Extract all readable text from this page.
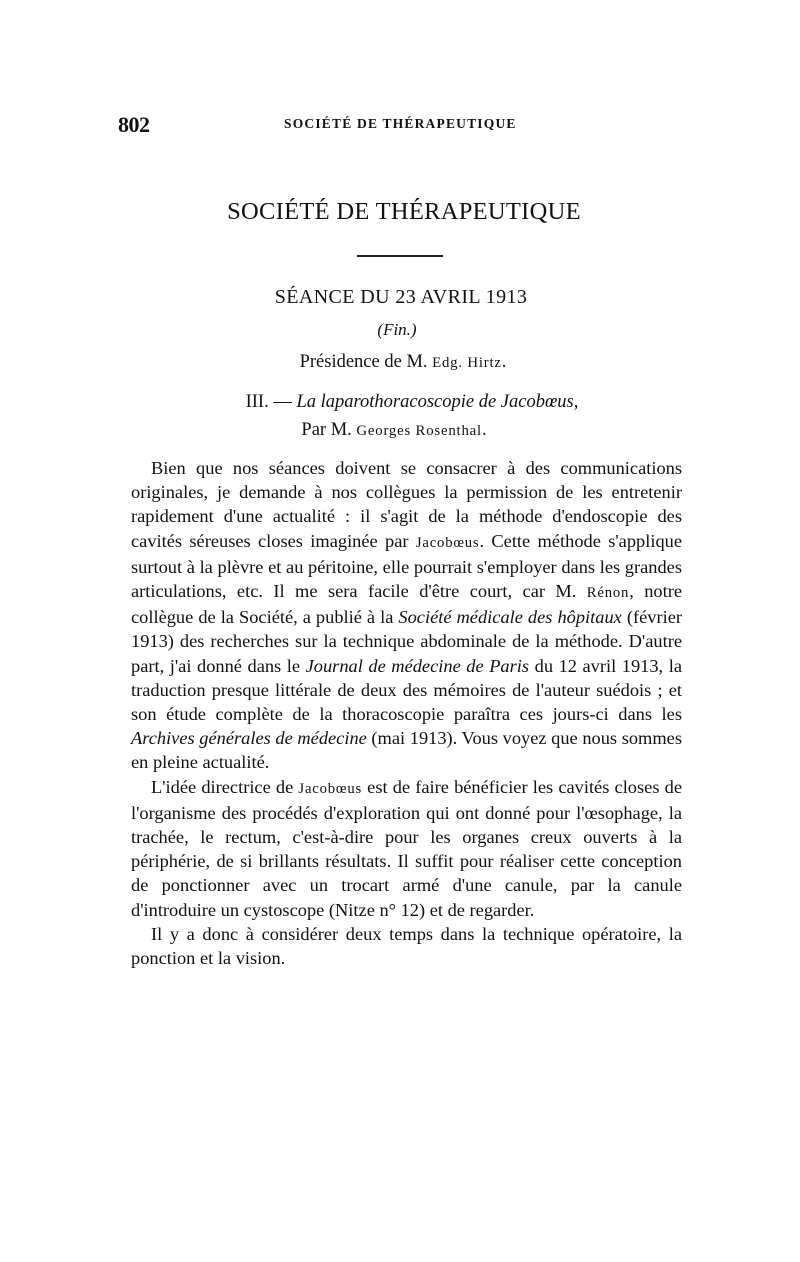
802	SOCIÉTÉ DE THÉRAPEUTIQUE
SOCIÉTÉ DE THÉRAPEUTIQUE
SÉANCE DU 23 AVRIL 1913
(Fin.)
Présidence de M. Edg. Hirtz.
III. — La laparothoracoscopie de Jacobœus,
Par M. Georges Rosenthal.

Bien que nos séances doivent se consacrer à des communications originales, je demande à nos collègues la permission de les entretenir rapidement d'une actualité : il s'agit de la méthode d'endoscopie des cavités séreuses closes imaginée par Jacobœus. Cette méthode s'applique surtout à la plèvre et au péritoine, elle pourrait s'employer dans les grandes articulations, etc. Il me sera facile d'être court, car M. Rénon, notre collègue de la Société, a publié à la Société médicale des hôpitaux (février 1913) des recherches sur la technique abdominale de la méthode. D'autre part, j'ai donné dans le Journal de médecine de Paris du 12 avril 1913, la traduction presque littérale de deux des mémoires de l'auteur suédois ; et son étude complète de la thoracoscopie paraîtra ces jours-ci dans les Archives générales de médecine (mai 1913). Vous voyez que nous sommes en pleine actualité.

L'idée directrice de Jacobœus est de faire bénéficier les cavités closes de l'organisme des procédés d'exploration qui ont donné pour l'œsophage, la trachée, le rectum, c'est-à-dire pour les organes creux ouverts à la périphérie, de si brillants résultats. Il suffit pour réaliser cette conception de ponctionner avec un trocart armé d'une canule, par la canule d'introduire un cystoscope (Nitze n° 12) et de regarder.

Il y a donc à considérer deux temps dans la technique opératoire, la ponction et la vision.
